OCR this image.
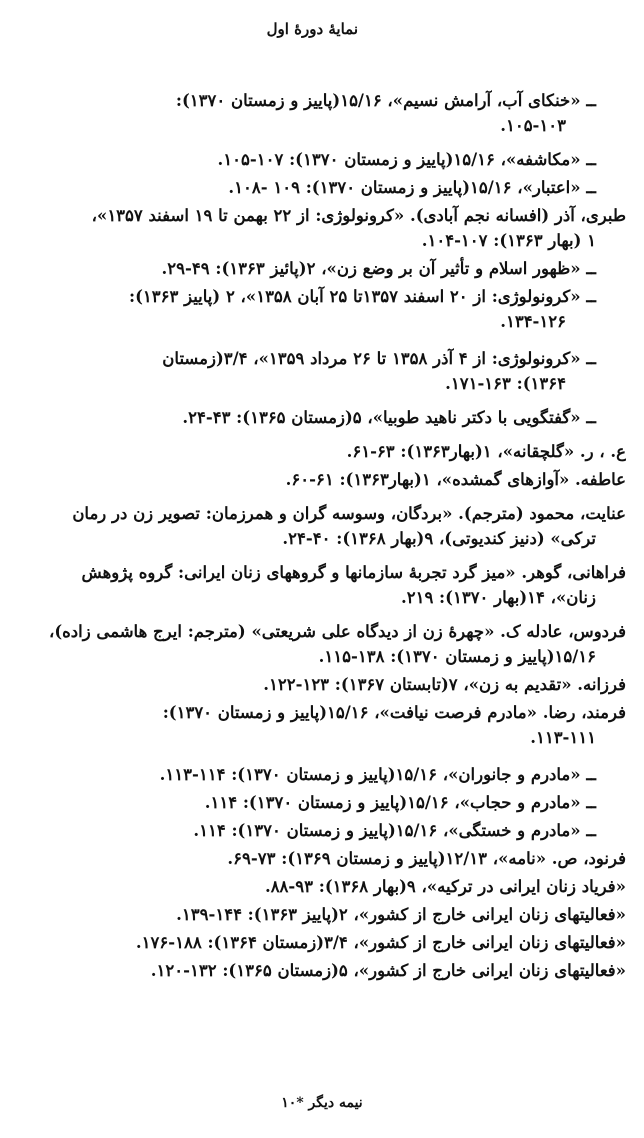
نمایهٔ دورهٔ اول
ــ «خنکای آب، آرامش نسیم»، ۱۵/۱۶(پاییز و زمستان ۱۳۷۰):
۱۰۵-۱۰۳.
ــ «مکاشفه»، ۱۵/۱۶(پاییز و زمستان ۱۳۷۰): ۱۰۷-۱۰۵.
ــ «اعتبار»، ۱۵/۱۶(پاییز و زمستان ۱۳۷۰): ۱۰۹ -۱۰۸.
طبری، آذر (افسانه نجم آبادی). «کرونولوژی: از ۲۲ بهمن تا ۱۹ اسفند ۱۳۵۷»،
۱ (بهار ۱۳۶۳): ۱۰۷-۱۰۴.
ــ «ظهور اسلام و تأثیر آن بر وضع زن»، ۲(پائیز ۱۳۶۳): ۴۹-۲۹.
ــ «کرونولوژی: از ۲۰ اسفند ۱۳۵۷تا ۲۵ آبان ۱۳۵۸»، ۲ (پاییز ۱۳۶۳):
۱۳۴-۱۲۶.
ــ «کرونولوژی: از ۴ آذر ۱۳۵۸ تا ۲۶ مرداد ۱۳۵۹»، ۳/۴(زمستان
۱۳۶۴): ۱۷۱-۱۶۳.
ــ «گفتگویی با دکتر ناهید طوبیا»، ۵(زمستان ۱۳۶۵): ۴۳-۲۴.
ع. ، ر. «گلچقانه»، ۱(بهار۱۳۶۳): ۶۳-۶۱.
عاطفه. «آوازهای گمشده»، ۱(بهار۱۳۶۳): ۶۱-۶۰.
عنایت، محمود (مترجم). «بردگان، وسوسه گران و همرزمان: تصویر زن در رمان
ترکی» (دنیز کندیوتی)، ۹(بهار ۱۳۶۸): ۴۰-۲۴.
فراهانی، گوهر. «میز گرد تجربهٔ سازمانها و گروههای زنان ایرانی: گروه پژوهش
زنان»، ۱۴(بهار ۱۳۷۰): ۲۱۹.
فردوس، عادله ک. «چهرهٔ زن از دیدگاه علی شریعتی» (مترجم: ایرج هاشمی زاده)،
۱۵/۱۶(پاییز و زمستان ۱۳۷۰): ۱۳۸-۱۱۵.
فرزانه. «تقدیم به زن»، ۷(تابستان ۱۳۶۷): ۱۲۳-۱۲۲.
فرمند، رضا. «مادرم فرصت نیافت»، ۱۵/۱۶(پاییز و زمستان ۱۳۷۰):
۱۱۳-۱۱۱.
ــ «مادرم و جانوران»، ۱۵/۱۶(پاییز و زمستان ۱۳۷۰): ۱۱۴-۱۱۳.
ــ «مادرم و حجاب»، ۱۵/۱۶(پاییز و زمستان ۱۳۷۰): ۱۱۴.
ــ «مادرم و خستگی»، ۱۵/۱۶(پاییز و زمستان ۱۳۷۰): ۱۱۴.
فرنود، ص. «نامه»، ۱۲/۱۳(پاییز و زمستان ۱۳۶۹): ۷۳-۶۹.
«فریاد زنان ایرانی در ترکیه»، ۹(بهار ۱۳۶۸): ۹۳-۸۸.
«فعالیتهای زنان ایرانی خارج از کشور»، ۲(پاییز ۱۳۶۳): ۱۴۴-۱۳۹.
«فعالیتهای زنان ایرانی خارج از کشور»، ۳/۴(زمستان ۱۳۶۴): ۱۸۸-۱۷۶.
«فعالیتهای زنان ایرانی خارج از کشور»، ۵(زمستان ۱۳۶۵): ۱۳۲-۱۲۰.
نیمه دیگر *۱۰
